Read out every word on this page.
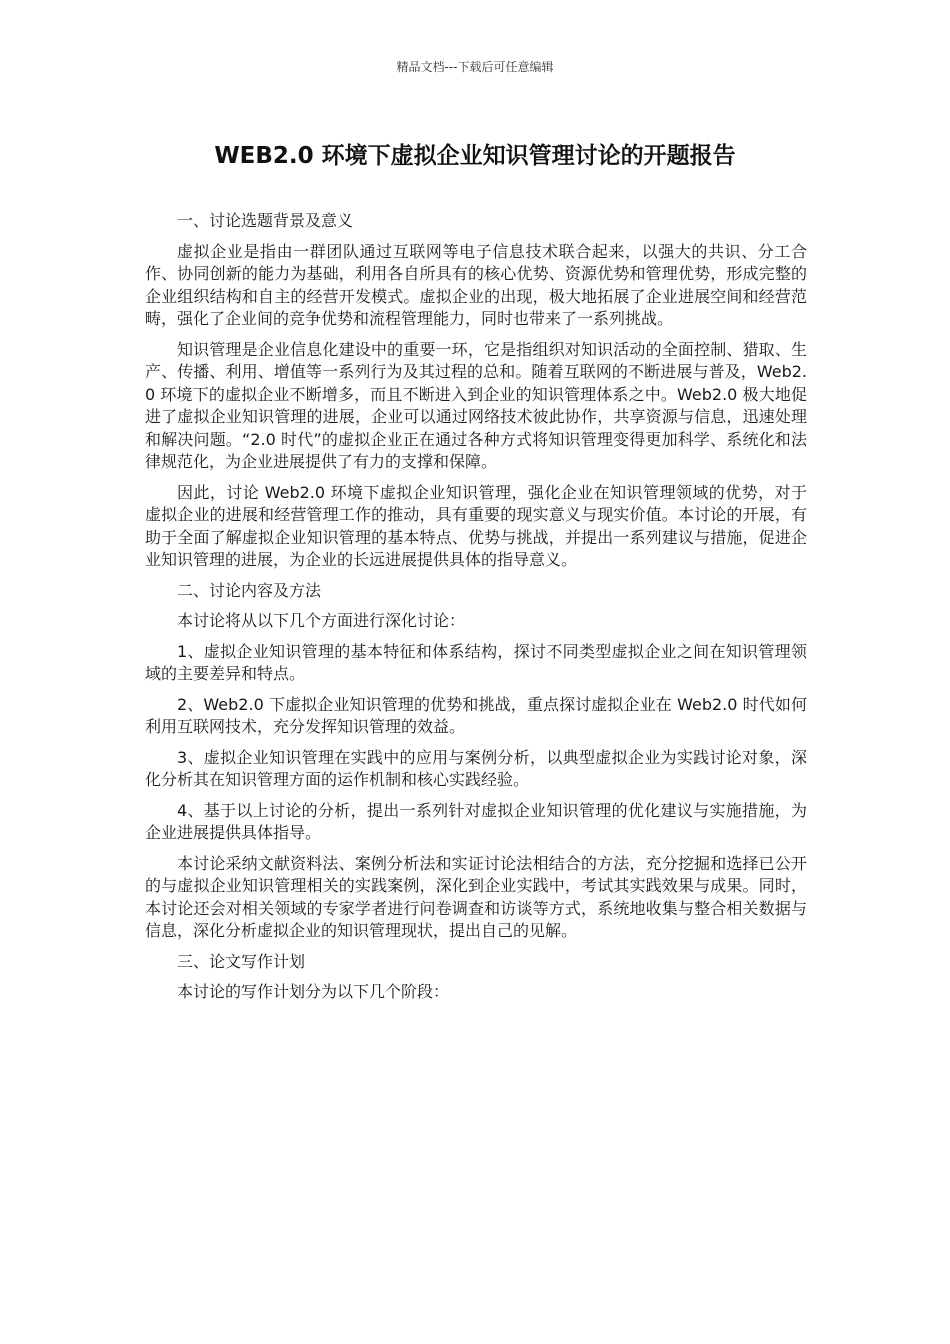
精品文档---下载后可任意编辑
WEB2.0 环境下虚拟企业知识管理讨论的开题报告

一、讨论选题背景及意义

虚拟企业是指由一群团队通过互联网等电子信息技术联合起来，以强大的共识、分工合作、协同创新的能力为基础，利用各自所具有的核心优势、资源优势和管理优势，形成完整的企业组织结构和自主的经营开发模式。虚拟企业的出现，极大地拓展了企业进展空间和经营范畴，强化了企业间的竞争优势和流程管理能力，同时也带来了一系列挑战。

知识管理是企业信息化建设中的重要一环，它是指组织对知识活动的全面控制、猎取、生产、传播、利用、增值等一系列行为及其过程的总和。随着互联网的不断进展与普及，Web2.0 环境下的虚拟企业不断增多，而且不断进入到企业的知识管理体系之中。Web2.0 极大地促进了虚拟企业知识管理的进展，企业可以通过网络技术彼此协作，共享资源与信息，迅速处理和解决问题。“2.0 时代”的虚拟企业正在通过各种方式将知识管理变得更加科学、系统化和法律规范化，为企业进展提供了有力的支撑和保障。

因此，讨论 Web2.0 环境下虚拟企业知识管理，强化企业在知识管理领域的优势，对于虚拟企业的进展和经营管理工作的推动，具有重要的现实意义与现实价值。本讨论的开展，有助于全面了解虚拟企业知识管理的基本特点、优势与挑战，并提出一系列建议与措施，促进企业知识管理的进展，为企业的长远进展提供具体的指导意义。

二、讨论内容及方法

本讨论将从以下几个方面进行深化讨论：

1、虚拟企业知识管理的基本特征和体系结构，探讨不同类型虚拟企业之间在知识管理领域的主要差异和特点。

2、Web2.0 下虚拟企业知识管理的优势和挑战，重点探讨虚拟企业在 Web2.0 时代如何利用互联网技术，充分发挥知识管理的效益。

3、虚拟企业知识管理在实践中的应用与案例分析，以典型虚拟企业为实践讨论对象，深化分析其在知识管理方面的运作机制和核心实践经验。

4、基于以上讨论的分析，提出一系列针对虚拟企业知识管理的优化建议与实施措施，为企业进展提供具体指导。

本讨论采纳文献资料法、案例分析法和实证讨论法相结合的方法，充分挖掘和选择已公开的与虚拟企业知识管理相关的实践案例，深化到企业实践中，考试其实践效果与成果。同时，本讨论还会对相关领域的专家学者进行问卷调查和访谈等方式，系统地收集与整合相关数据与信息，深化分析虚拟企业的知识管理现状，提出自己的见解。

三、论文写作计划

本讨论的写作计划分为以下几个阶段：
